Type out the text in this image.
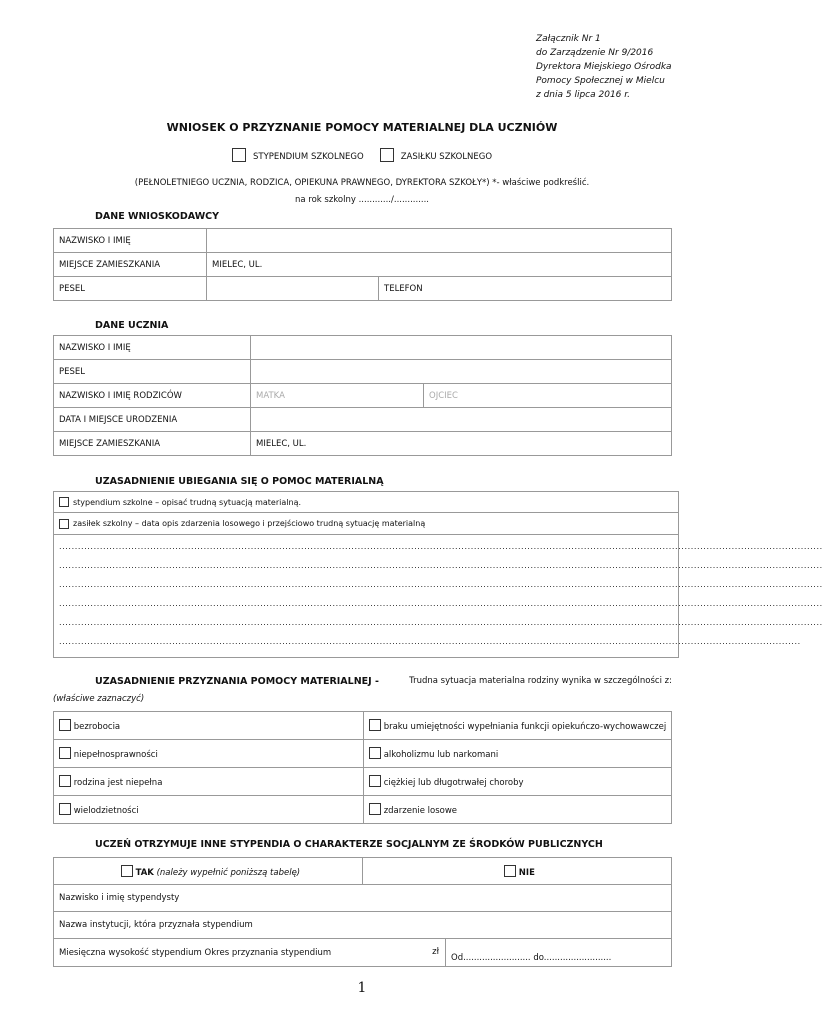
Załącznik Nr 1
do Zarządzenie Nr 9/2016
Dyrektora Miejskiego Ośrodka
Pomocy Społecznej w Mielcu
z dnia 5 lipca 2016 r.
WNIOSEK O PRZYZNANIE POMOCY MATERIALNEJ DLA UCZNIÓW
STYPENDIUM SZKOLNEGO	ZASIŁKU SZKOLNEGO
(PEŁNOLETNIEGO UCZNIA, RODZICA, OPIEKUNA PRAWNEGO, DYREKTORA SZKOŁY*) *- właściwe podkreślić.
na rok szkolny ............/.............
DANE WNIOSKODAWCY
NAZWISKO I IMIĘ		
MIEJSCE ZAMIESZKANIA	MIELEC, UL.	
PESEL		TELEFON
DANE UCZNIA
NAZWISKO I IMIĘ		
PESEL		
NAZWISKO I IMIĘ RODZICÓW	MATKA	OJCIEC
DATA I MIEJSCE URODZENIA		
MIEJSCE ZAMIESZKANIA	MIELEC, UL.	
UZASADNIENIE UBIEGANIA SIĘ O POMOC MATERIALNĄ
stypendium szkolne – opisać trudną sytuacją materialną.
zasiłek szkolny – data opis zdarzenia losowego i przejściowo trudną sytuację materialną
...................................................................................................................................................................................................................................................
...................................................................................................................................................................................................................................................
...................................................................................................................................................................................................................................................
...................................................................................................................................................................................................................................................
...................................................................................................................................................................................................................................................
............................................................................................................................................................................................................................................
UZASADNIENIE PRZYZNANIA POMOCY MATERIALNEJ -	Trudna sytuacja materialna rodziny wynika w szczególności z:
(właściwe zaznaczyć)
bezrobocia	braku umiejętności wypełniania funkcji opiekuńczo-wychowawczej
niepełnosprawności	alkoholizmu lub narkomani
rodzina jest niepełna	ciężkiej lub długotrwałej choroby
wielodzietności	zdarzenie losowe
UCZEŃ OTRZYMUJE INNE STYPENDIA O CHARAKTERZE SOCJALNYM ZE ŚRODKÓW PUBLICZNYCH
TAK (należy wypełnić poniższą tabelę)	NIE	
Nazwisko i imię stypendysty		
Nazwa instytucji, która przyznała stypendium		
Miesięczna wysokość stypendium Okres przyznania stypendium zł		Od......................... do.........................
1
